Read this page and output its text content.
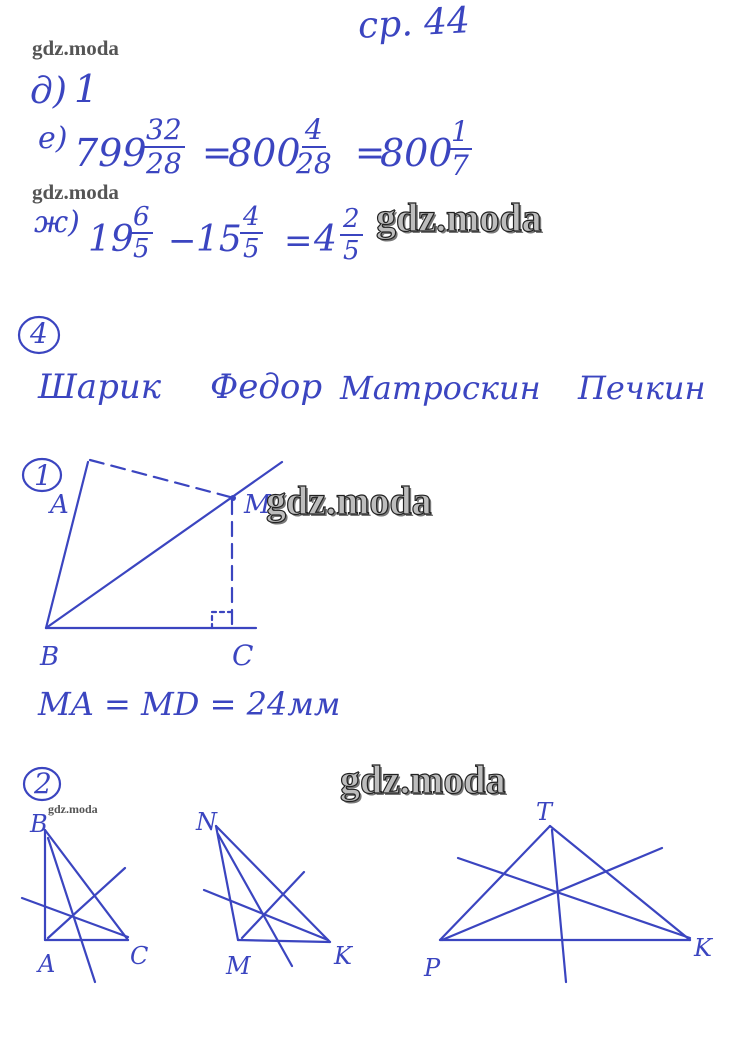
ср. 44
gdz.moda
gdz.moda
д) 1
е) 799
$\frac{32}{28}$ =
800
$\frac{4}{28}$ =
800
$\frac{1}{7}$
ж) 19
$\frac{6}{5} - 15$
$\frac{4}{5} = 4 \frac{2}{5}$ gdz.moda
4
Шарик Федор Матроскин Печкин
1
A	M
B	C
MA = MD = 24мм
gdz.moda
2
gdz.moda
B
A	C
N
M	K
T
P
K
gdz.moda
